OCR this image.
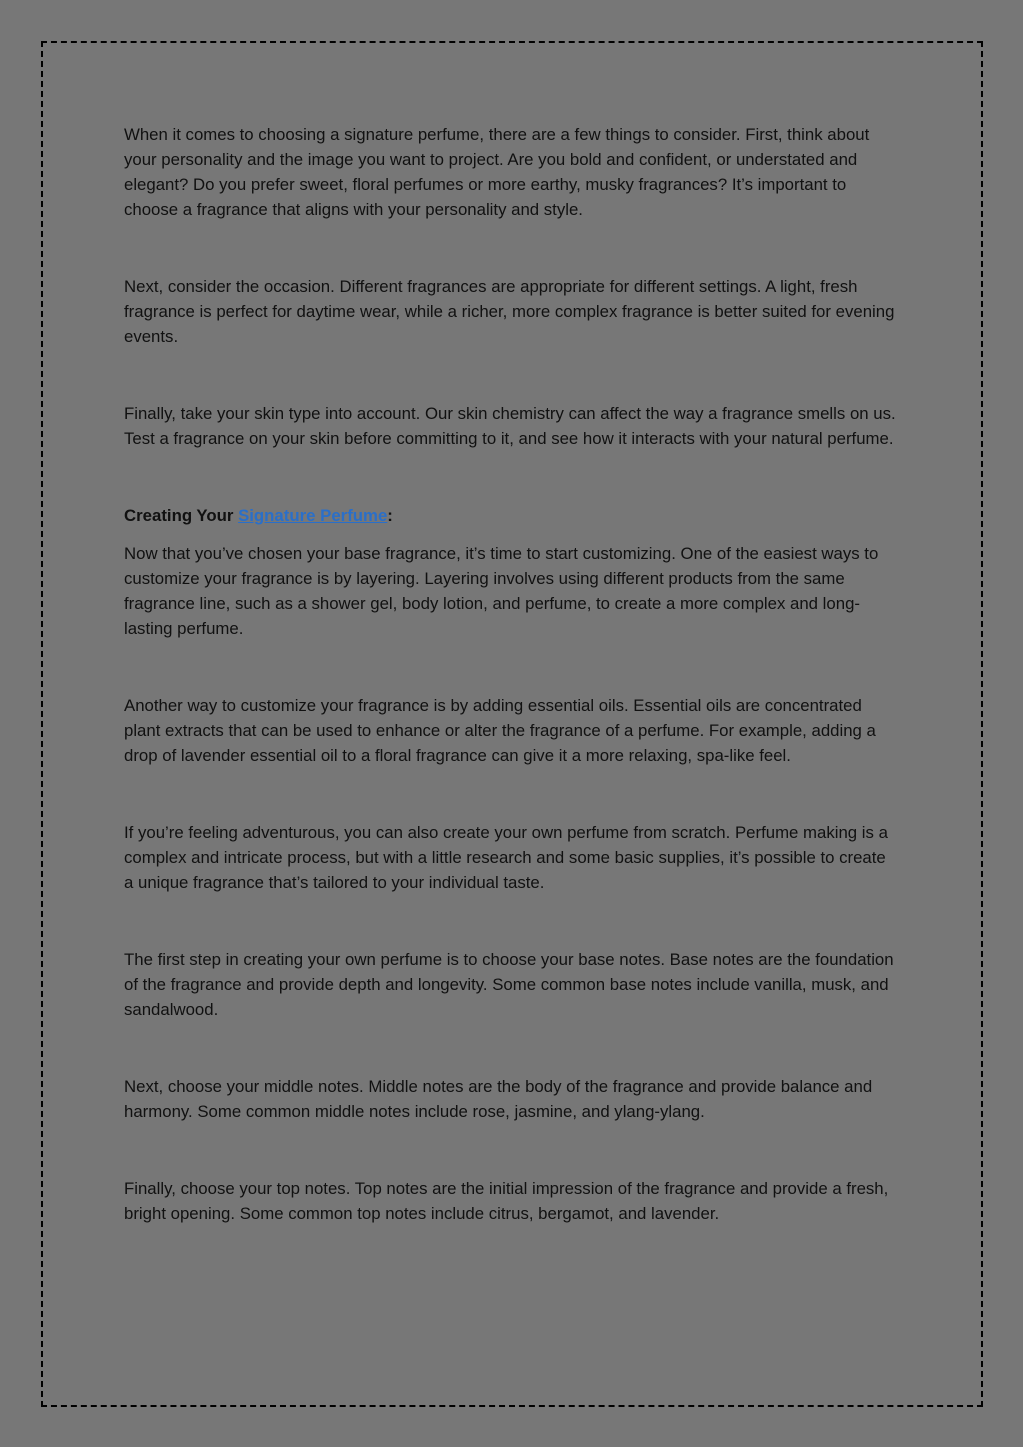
When it comes to choosing a signature perfume, there are a few things to consider. First, think about your personality and the image you want to project. Are you bold and confident, or understated and elegant? Do you prefer sweet, floral perfumes or more earthy, musky fragrances? It’s important to choose a fragrance that aligns with your personality and style.

Next, consider the occasion. Different fragrances are appropriate for different settings. A light, fresh fragrance is perfect for daytime wear, while a richer, more complex fragrance is better suited for evening events.

Finally, take your skin type into account. Our skin chemistry can affect the way a fragrance smells on us. Test a fragrance on your skin before committing to it, and see how it interacts with your natural perfume.

Creating Your Signature Perfume:

Now that you’ve chosen your base fragrance, it’s time to start customizing. One of the easiest ways to customize your fragrance is by layering. Layering involves using different products from the same fragrance line, such as a shower gel, body lotion, and perfume, to create a more complex and long-lasting perfume.

Another way to customize your fragrance is by adding essential oils. Essential oils are concentrated plant extracts that can be used to enhance or alter the fragrance of a perfume. For example, adding a drop of lavender essential oil to a floral fragrance can give it a more relaxing, spa-like feel.

If you’re feeling adventurous, you can also create your own perfume from scratch. Perfume making is a complex and intricate process, but with a little research and some basic supplies, it’s possible to create a unique fragrance that’s tailored to your individual taste.

The first step in creating your own perfume is to choose your base notes. Base notes are the foundation of the fragrance and provide depth and longevity. Some common base notes include vanilla, musk, and sandalwood.

Next, choose your middle notes. Middle notes are the body of the fragrance and provide balance and harmony. Some common middle notes include rose, jasmine, and ylang-ylang.

Finally, choose your top notes. Top notes are the initial impression of the fragrance and provide a fresh, bright opening. Some common top notes include citrus, bergamot, and lavender.
